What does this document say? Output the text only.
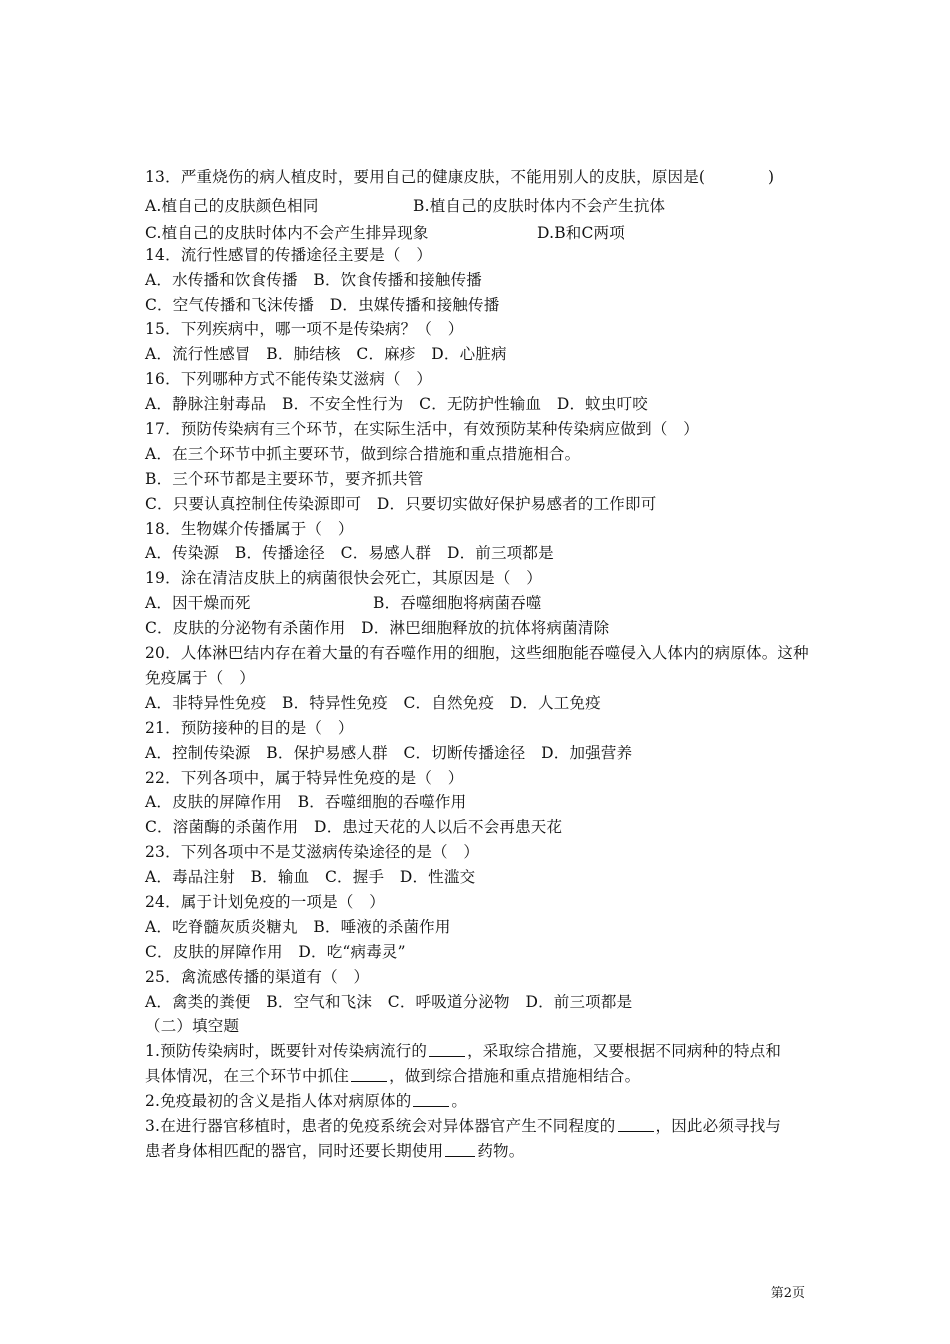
13．严重烧伤的病人植皮时，要用自己的健康皮肤，不能用别人的皮肤，原因是(　　　　)
A.植自己的皮肤颜色相同	B.植自己的皮肤时体内不会产生抗体
C.植自己的皮肤时体内不会产生排异现象	D.B和C两项
14．流行性感冒的传播途径主要是（　）
A．水传播和饮食传播　B．饮食传播和接触传播
C．空气传播和飞沫传播　D．虫媒传播和接触传播
15．下列疾病中，哪一项不是传染病？（　）
A．流行性感冒　B．肺结核　C．麻疹　D．心脏病
16．下列哪种方式不能传染艾滋病（　）
A．静脉注射毒品　B．不安全性行为　C．无防护性输血　D．蚊虫叮咬
17．预防传染病有三个环节，在实际生活中，有效预防某种传染病应做到（　）
A．在三个环节中抓主要环节，做到综合措施和重点措施相合。
B．三个环节都是主要环节，要齐抓共管
C．只要认真控制住传染源即可　D．只要切实做好保护易感者的工作即可
18．生物媒介传播属于（　）
A．传染源　B．传播途径　C．易感人群　D．前三项都是
19．涂在清洁皮肤上的病菌很快会死亡，其原因是（　）
A．因干燥而死	B．吞噬细胞将病菌吞噬
C．皮肤的分泌物有杀菌作用　D．淋巴细胞释放的抗体将病菌清除
20．人体淋巴结内存在着大量的有吞噬作用的细胞，这些细胞能吞噬侵入人体内的病原体。这种免疫属于（　）
A．非特异性免疫　B．特异性免疫　C．自然免疫　D．人工免疫
21．预防接种的目的是（　）
A．控制传染源　B．保护易感人群　C．切断传播途径　D．加强营养
22．下列各项中，属于特异性免疫的是（　）
A．皮肤的屏障作用　B．吞噬细胞的吞噬作用
C．溶菌酶的杀菌作用　D．患过天花的人以后不会再患天花
23．下列各项中不是艾滋病传染途径的是（　）
A．毒品注射　B．输血　C．握手　D．性滥交
24．属于计划免疫的一项是（　）
A．吃脊髓灰质炎糖丸　B．唾液的杀菌作用
C．皮肤的屏障作用　D．吃“病毒灵”
25．禽流感传播的渠道有（　）
A．禽类的粪便　B．空气和飞沫　C．呼吸道分泌物　D．前三项都是
（二）填空题
1.预防传染病时，既要针对传染病流行的	，采取综合措施，又要根据不同病种的特点和
具体情况，在三个环节中抓住	，做到综合措施和重点措施相结合。
2.免疫最初的含义是指人体对病原体的	。
3.在进行器官移植时，患者的免疫系统会对异体器官产生不同程度的	，因此必须寻找与
患者身体相匹配的器官，同时还要长期使用 药物。
第2页
